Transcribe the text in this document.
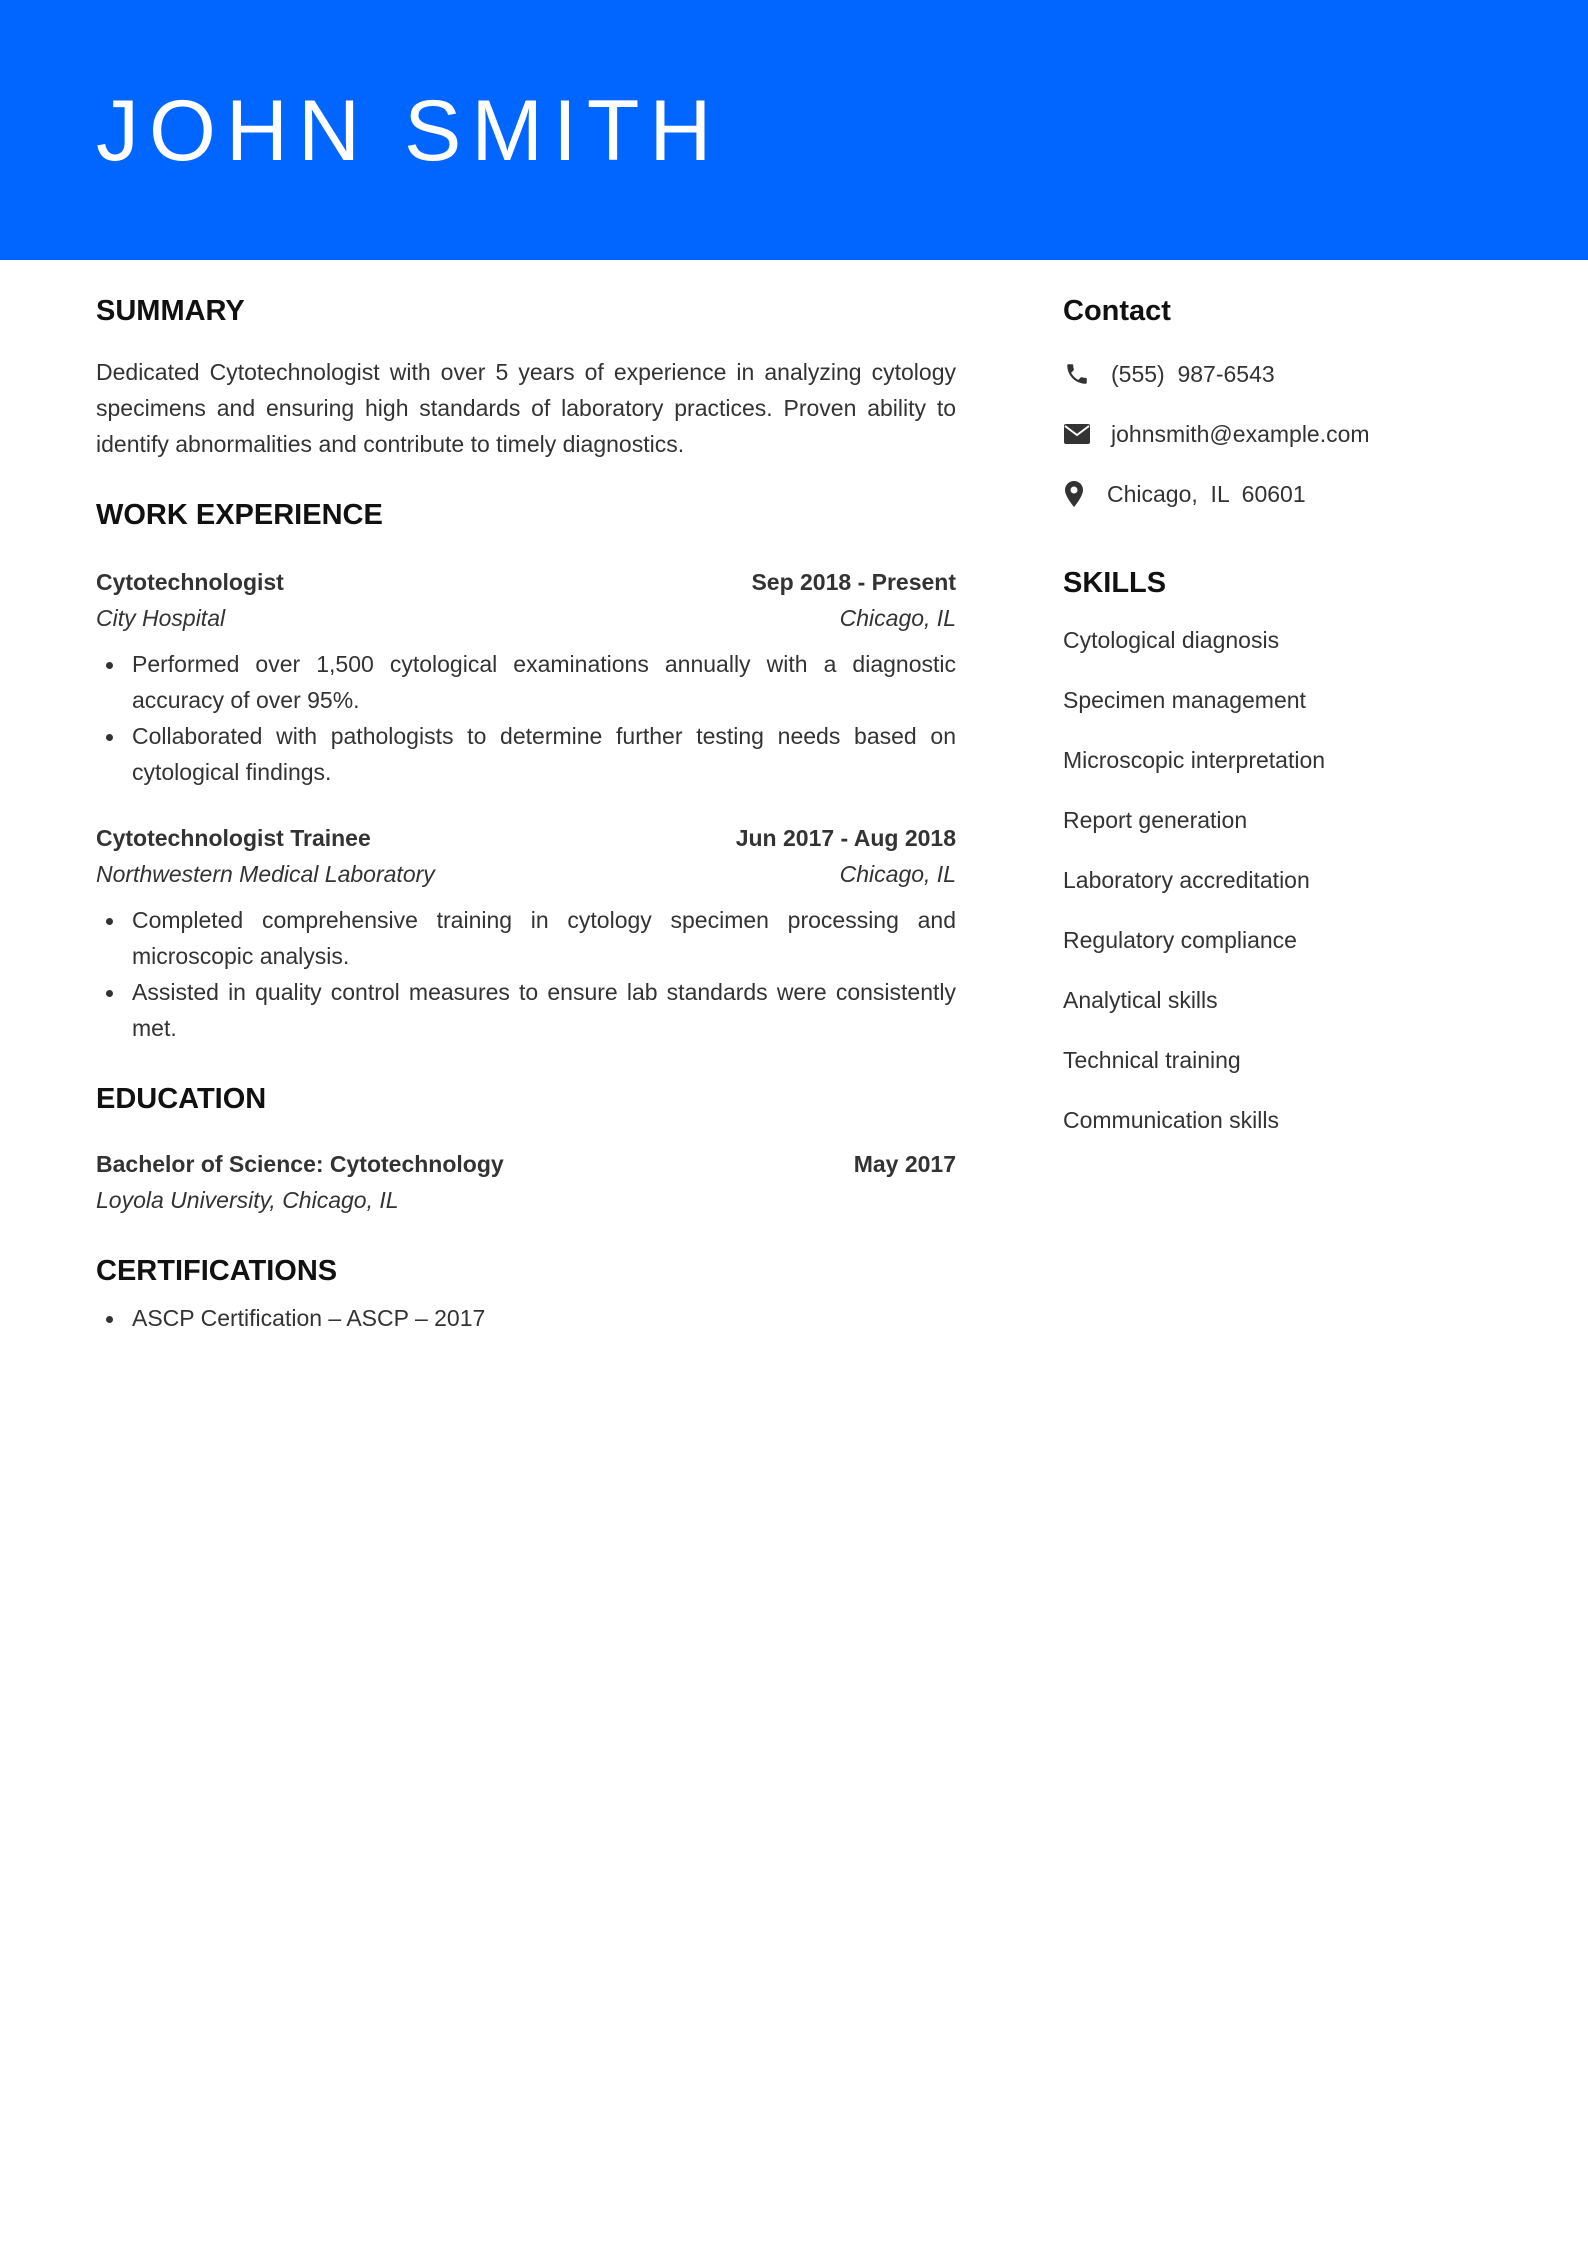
JOHN SMITH
SUMMARY

Dedicated Cytotechnologist with over 5 years of experience in analyzing cytology specimens and ensuring high standards of laboratory practices. Proven ability to identify abnormalities and contribute to timely diagnostics.

WORK EXPERIENCE
Cytotechnologist	Sep 2018 - Present
City Hospital	Chicago, IL
Performed over 1,500 cytological examinations annually with a diagnostic accuracy of over 95%.
Collaborated with pathologists to determine further testing needs based on cytological findings.
Cytotechnologist Trainee	Jun 2017 - Aug 2018
Northwestern Medical Laboratory	Chicago, IL
Completed comprehensive training in cytology specimen processing and microscopic analysis.
Assisted in quality control measures to ensure lab standards were consistently met.
EDUCATION
Bachelor of Science: Cytotechnology	May 2017
Loyola University, Chicago, IL
CERTIFICATIONS
ASCP Certification – ASCP – 2017
Contact
(555)  987-6543
johnsmith@example.com
Chicago,  IL  60601
SKILLS
Cytological diagnosis
Specimen management
Microscopic interpretation
Report generation
Laboratory accreditation
Regulatory compliance
Analytical skills
Technical training
Communication skills
